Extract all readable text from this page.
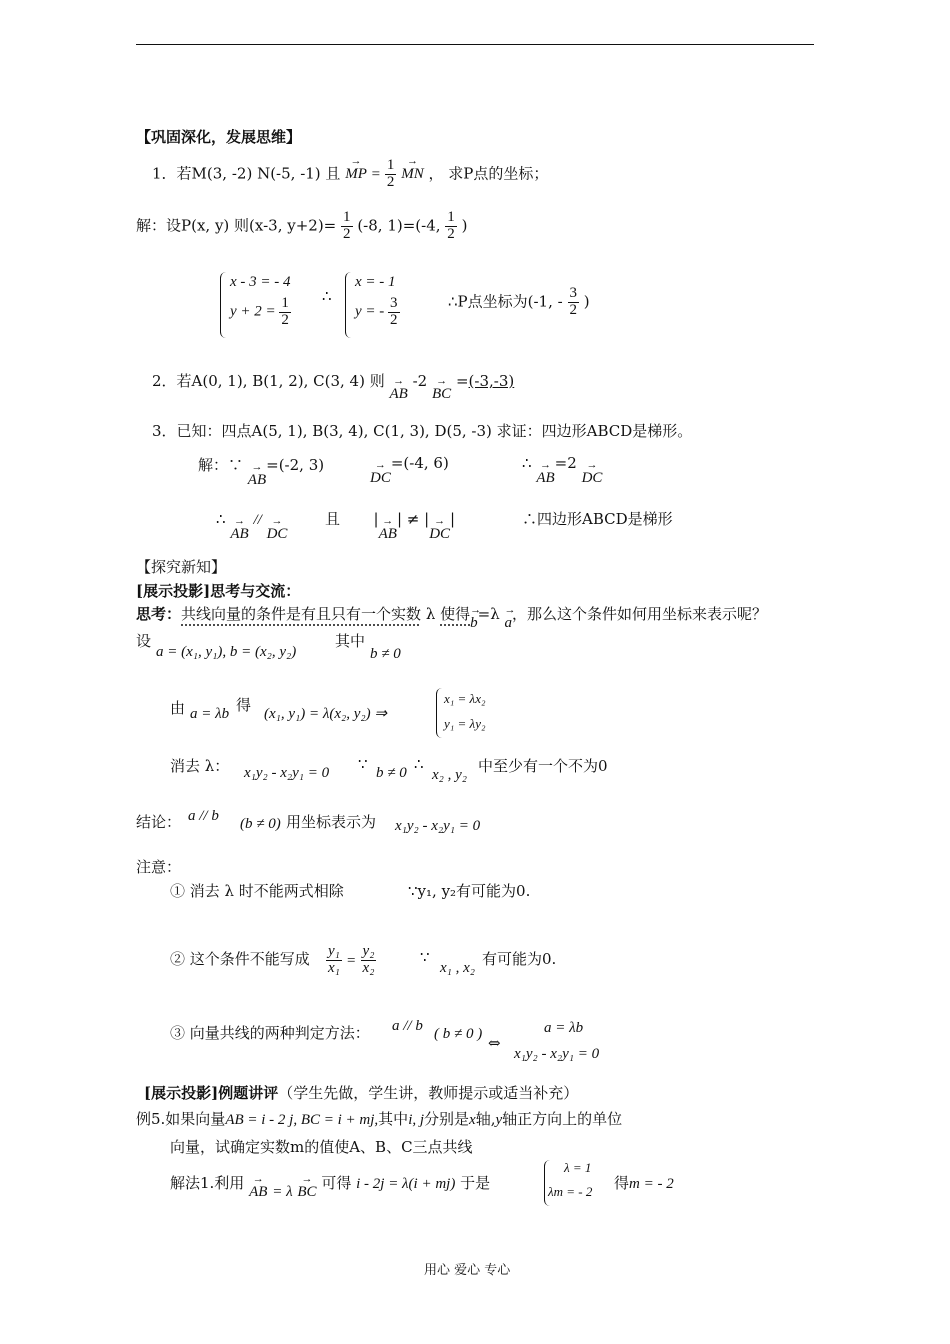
【巩固深化，发展思维】
1．若M(3, -2) N(-5, -1) 且 → MP = $\frac{1}{2}$ → MN ， 求P点的坐标；
解：设P(x, y) 则(x-3, $y+2)= \frac{1}{2} (-8$, 1)=(-4, $\frac{1}{2}$ )
x - 3 = - 4
$y + 2 = \frac{1}{2}$ ∴
x = - 1
y = - $\frac{3}{2}$	∴P点坐标为(-1, - $\frac{3}{2}$ )
2．若A(0, 1), B(1, 2), C(3, 4) 则 → AB -2 → BC =(-3,-3)
3．已知：四点A(5, 1), B(3, 4), C(1, 3), D(5, -3) 求证：四边形ABCD是梯形。
解：∵ → AB=(-2, 3)
→ DC=(-4, 6)	∴ → AB=2 → DC
∴ → AB // → DC  且 |→ AB| ≠ |→ DC|	∴四边形ABCD是梯形
【探究新知】
[展示投影]思考与交流：
思考：共线向量的条件是有且只有一个实数 λ 使得→ b=λ → a，那么这个条件如何用坐标来表示呢？
设
a = (x₁, y₁), b = (x₂, y₂)
其中
b ≠ 0
由 a = λb 得 (x₁, y₁) = λ(x₂, y₂) ⇒
x₁ = λx₂
y₁ = λy₂
消去 λ： x₁y₂ - x₂y₁ = 0 ∵ b ≠ 0 ∴
x₂ , y₂ 中至少有一个不为0
结论： a // b (b ≠ 0) 用坐标表示为 x₁y₂ - x₂y₁ = 0
注意：
① 消去 λ 时不能两式相除	∵y₁, y₂有可能为0.
② 这个条件不能写成 $\frac{\text{y₁}}{\text{x₁}} = \frac{\text{y₂}}{\text{x₂}}$	∵
x₁ , x₂ 有可能为0.
③ 向量共线的两种判定方法： a // b ( b ≠ 0 ) ⇔
a = λb
x₁y₂ - x₂y₁ = 0
[展示投影]例题讲评（学生先做，学生讲，教师提示或适当补充）
例5.如果向量AB = i - 2 j, BC = i + mj,其中i, j分别是x轴,y轴正方向上的单位
向量，试确定实数m的值使A、B、C三点共线
解法1.利用 → AB = λ → BC 可得 i - 2j = λ(i + mj) 于是
λ = 1
λm = - 2 得m = - 2
用心 爱心 专心
